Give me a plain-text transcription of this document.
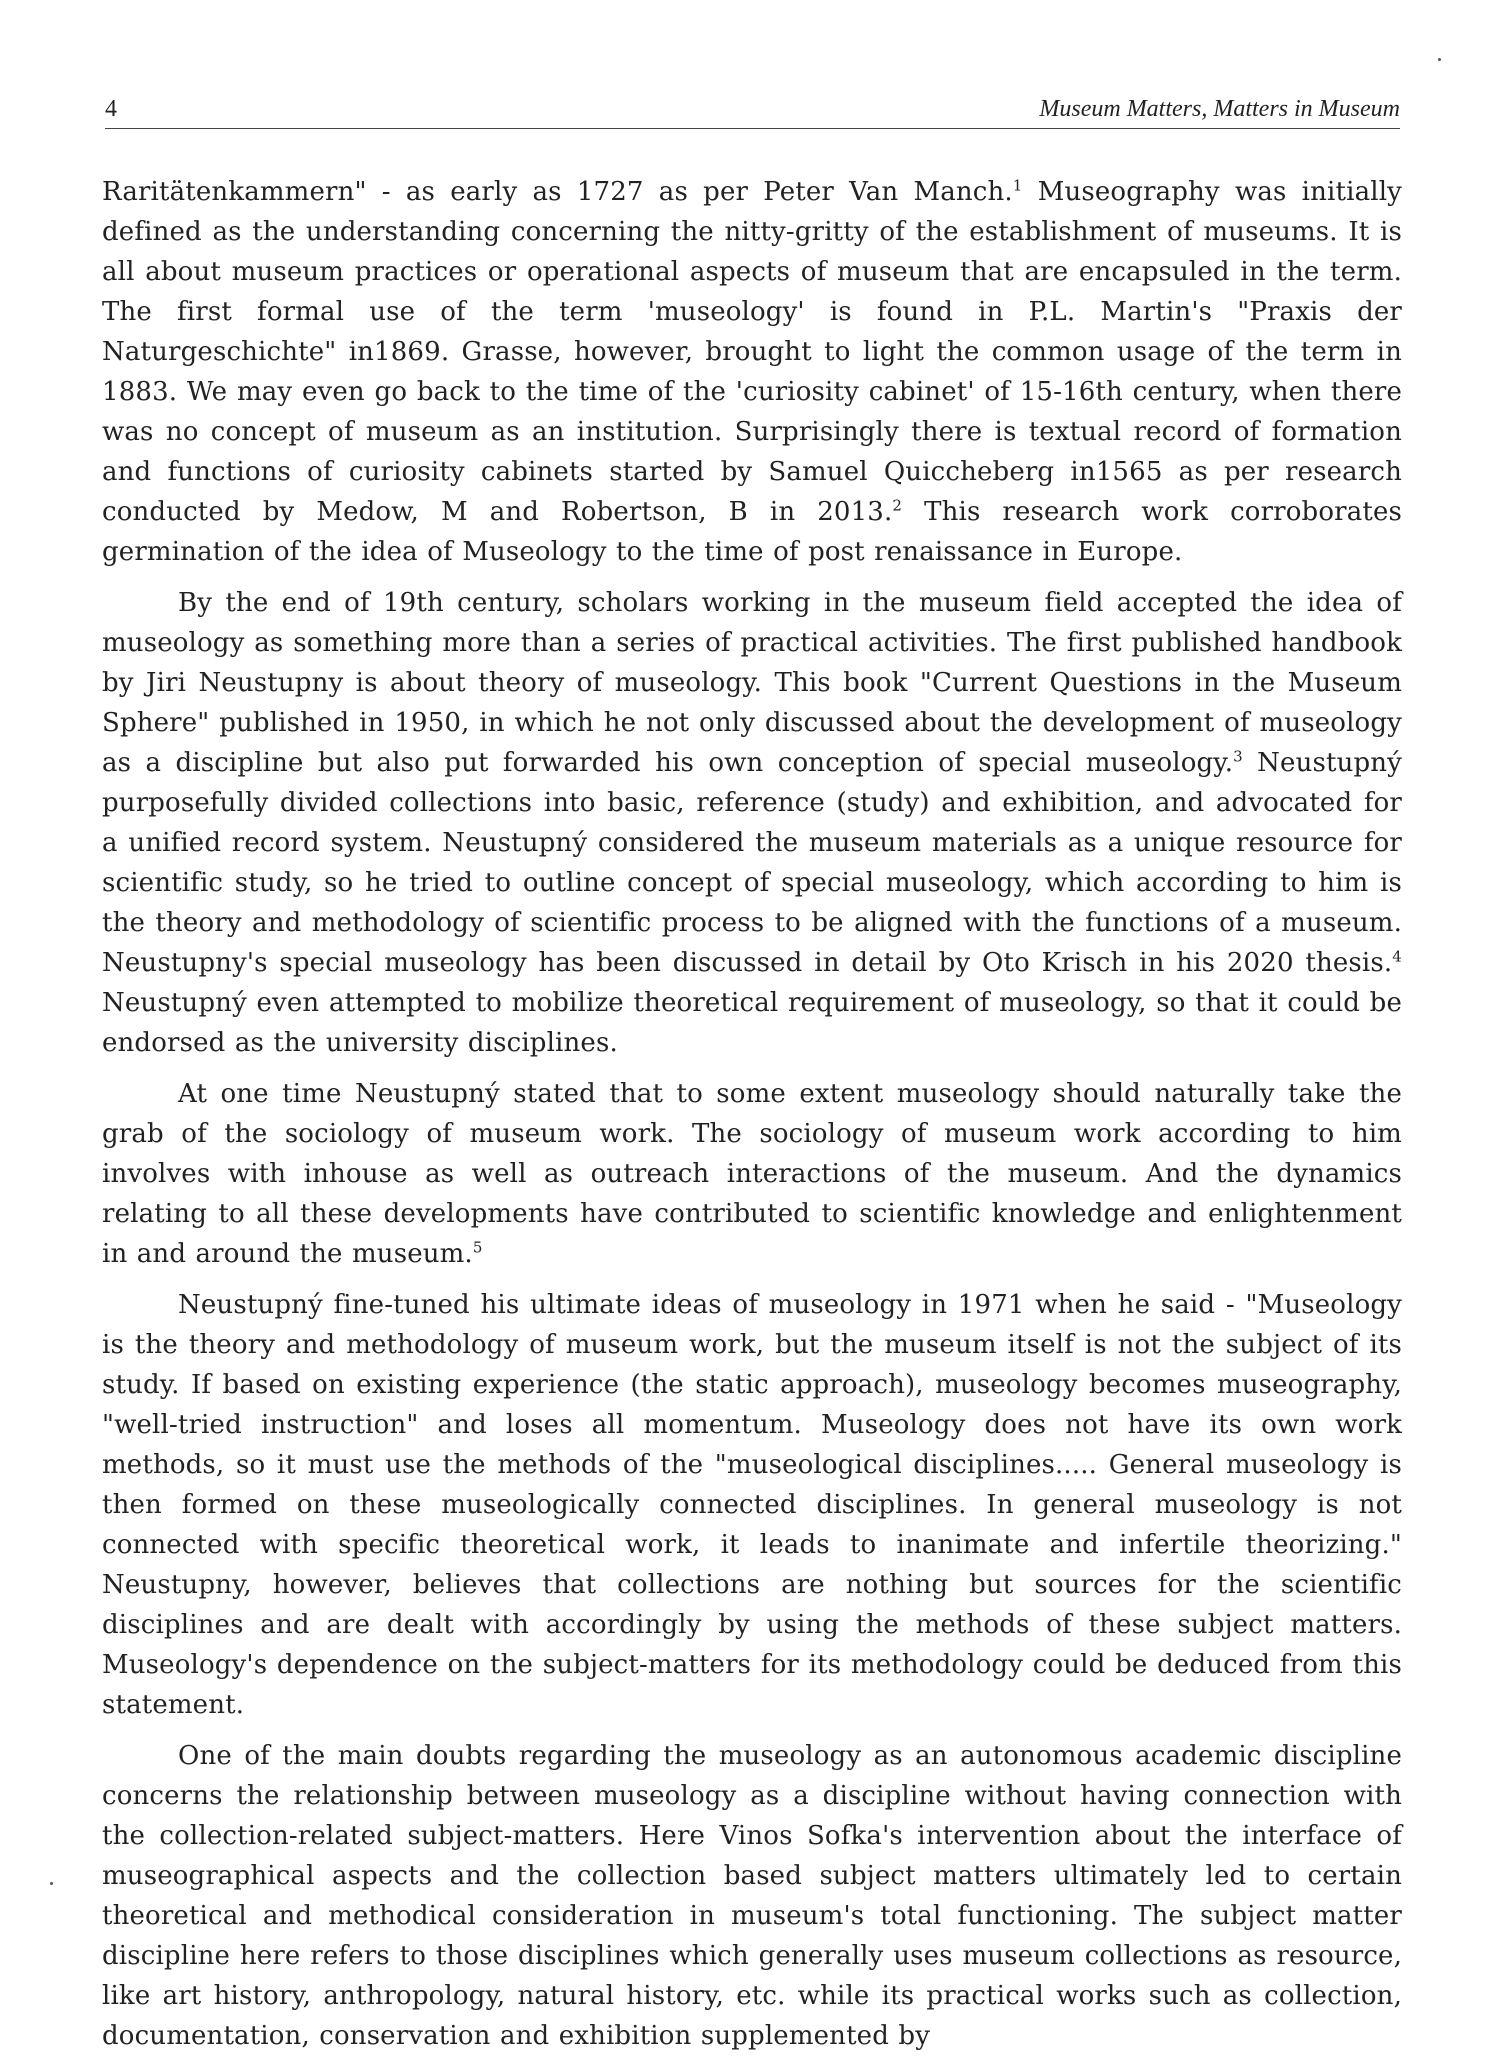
4	Museum Matters, Matters in Museum

Raritätenkammern" - as early as 1727 as per Peter Van Manch.$^1$ Museography was initially defined as the understanding concerning the nitty-gritty of the establishment of museums. It is all about museum practices or operational aspects of museum that are encapsuled in the term. The first formal use of the term 'museology' is found in P.L. Martin's "Praxis der Naturgeschichte" in1869. Grasse, however, brought to light the common usage of the term in 1883. We may even go back to the time of the 'curiosity cabinet' of 15-16th century, when there was no concept of museum as an institution. Surprisingly there is textual record of formation and functions of curiosity cabinets started by Samuel Quiccheberg in1565 as per research conducted by Medow, M and Robertson, B in 2013.$^2$ This research work corroborates germination of the idea of Museology to the time of post renaissance in Europe.

By the end of 19th century, scholars working in the museum field accepted the idea of museology as something more than a series of practical activities. The first published handbook by Jiri Neustupny is about theory of museology. This book "Current Questions in the Museum Sphere" published in 1950, in which he not only discussed about the development of museology as a discipline but also put forwarded his own conception of special museology.$^3$ Neustupný purposefully divided collections into basic, reference (study) and exhibition, and advocated for a unified record system. Neustupný considered the museum materials as a unique resource for scientific study, so he tried to outline concept of special museology, which according to him is the theory and methodology of scientific process to be aligned with the functions of a museum. Neustupny's special museology has been discussed in detail by Oto Krisch in his 2020 thesis.$^4$ Neustupný even attempted to mobilize theoretical requirement of museology, so that it could be endorsed as the university disciplines.

At one time Neustupný stated that to some extent museology should naturally take the grab of the sociology of museum work. The sociology of museum work according to him involves with inhouse as well as outreach interactions of the museum. And the dynamics relating to all these developments have contributed to scientific knowledge and enlightenment in and around the museum.$^5$

Neustupný fine-tuned his ultimate ideas of museology in 1971 when he said - "Museology is the theory and methodology of museum work, but the museum itself is not the subject of its study. If based on existing experience (the static approach), museology becomes museography, "well-tried instruction" and loses all momentum. Museology does not have its own work methods, so it must use the methods of the "museological disciplines..... General museology is then formed on these museologically connected disciplines. In general museology is not connected with specific theoretical work, it leads to inanimate and infertile theorizing." Neustupny, however, believes that collections are nothing but sources for the scientific disciplines and are dealt with accordingly by using the methods of these subject matters. Museology's dependence on the subject-matters for its methodology could be deduced from this statement.

One of the main doubts regarding the museology as an autonomous academic discipline concerns the relationship between museology as a discipline without having connection with the collection-related subject-matters. Here Vinos Sofka's intervention about the interface of museographical aspects and the collection based subject matters ultimately led to certain theoretical and methodical consideration in museum's total functioning. The subject matter discipline here refers to those disciplines which generally uses museum collections as resource, like art history, anthropology, natural history, etc. while its practical works such as collection, documentation, conservation and exhibition supplemented by
